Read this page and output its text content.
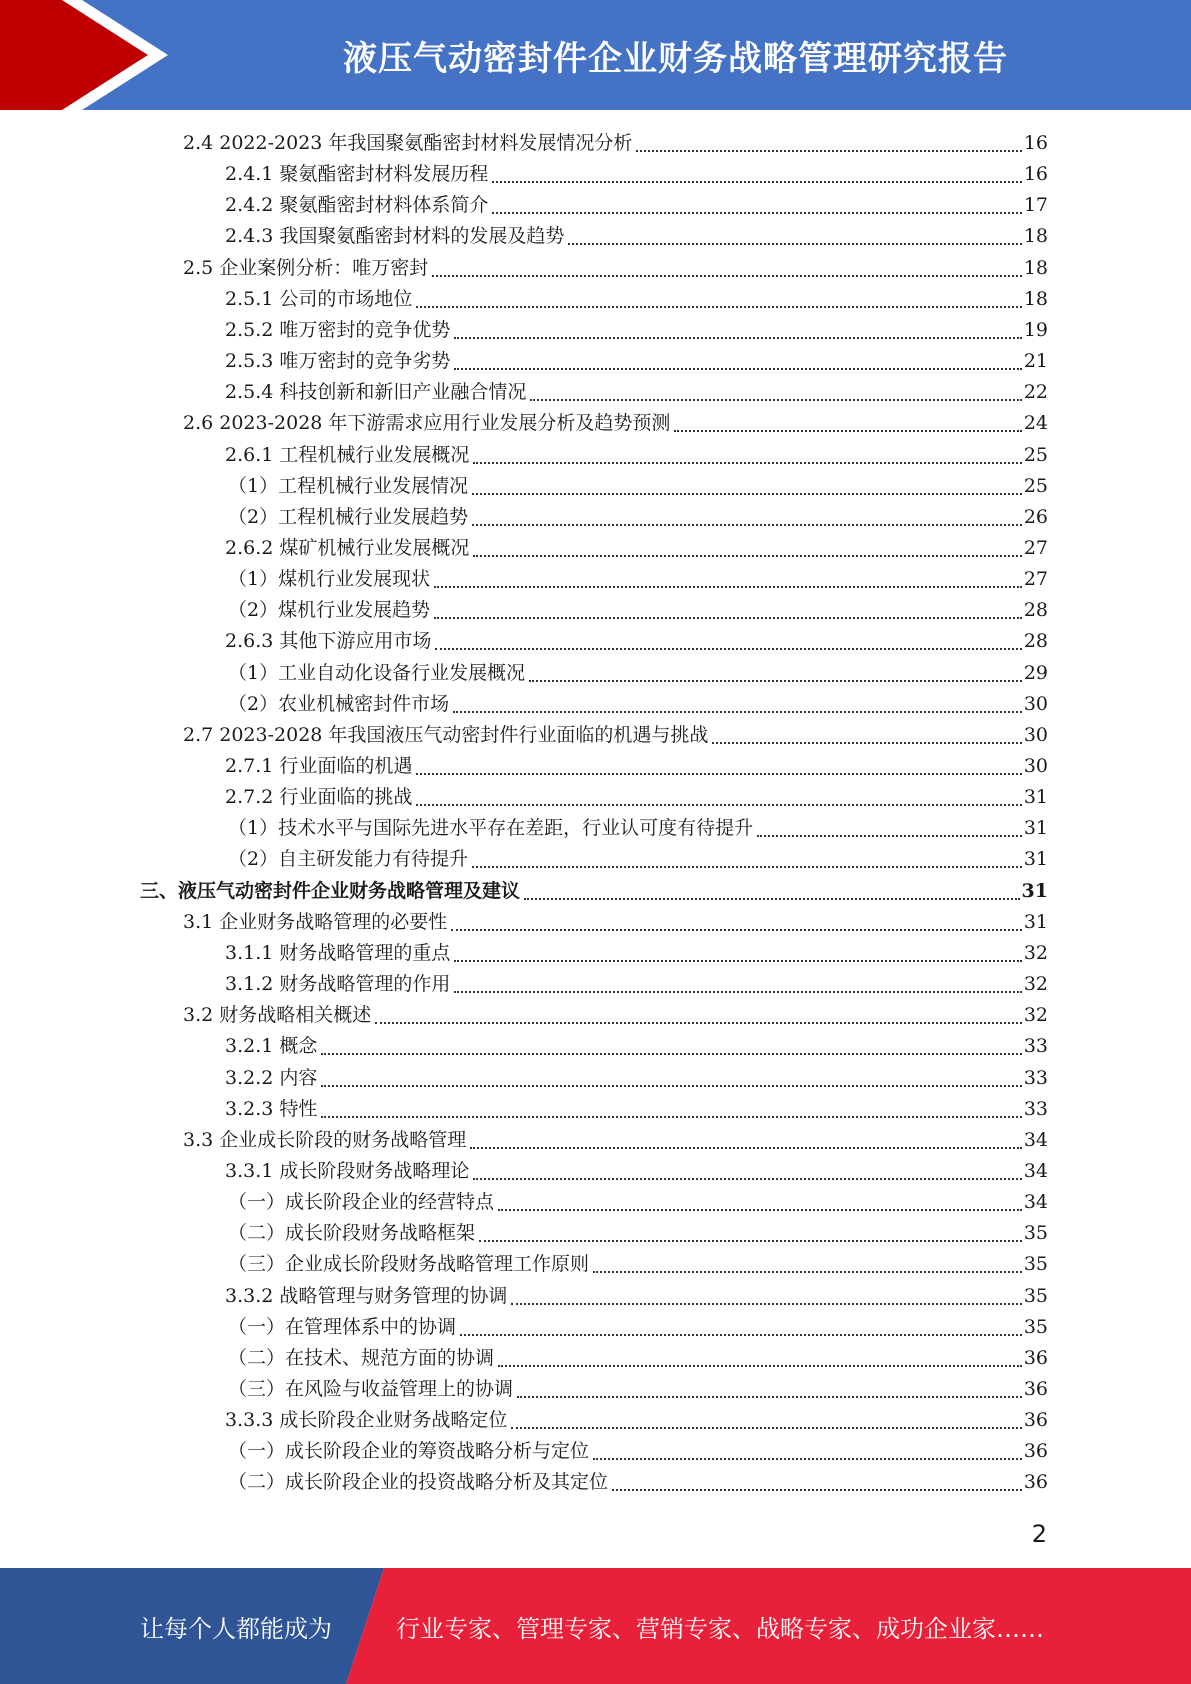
液压气动密封件企业财务战略管理研究报告
2.4 2022-2023 年我国聚氨酯密封材料发展情况分析	16
2.4.1 聚氨酯密封材料发展历程	16
2.4.2 聚氨酯密封材料体系简介	17
2.4.3 我国聚氨酯密封材料的发展及趋势	18
2.5 企业案例分析：唯万密封	18
2.5.1 公司的市场地位	18
2.5.2 唯万密封的竞争优势	19
2.5.3 唯万密封的竞争劣势	21
2.5.4 科技创新和新旧产业融合情况	22
2.6 2023-2028 年下游需求应用行业发展分析及趋势预测	24
2.6.1 工程机械行业发展概况	25
（1）工程机械行业发展情况	25
（2）工程机械行业发展趋势	26
2.6.2 煤矿机械行业发展概况	27
（1）煤机行业发展现状	27
（2）煤机行业发展趋势	28
2.6.3 其他下游应用市场	28
（1）工业自动化设备行业发展概况	29
（2）农业机械密封件市场	30
2.7 2023-2028 年我国液压气动密封件行业面临的机遇与挑战	30
2.7.1 行业面临的机遇	30
2.7.2 行业面临的挑战	31
（1）技术水平与国际先进水平存在差距，行业认可度有待提升	31
（2）自主研发能力有待提升	31
三、液压气动密封件企业财务战略管理及建议	31
3.1 企业财务战略管理的必要性	31
3.1.1 财务战略管理的重点	32
3.1.2 财务战略管理的作用	32
3.2 财务战略相关概述	32
3.2.1 概念	33
3.2.2 内容	33
3.2.3 特性	33
3.3 企业成长阶段的财务战略管理	34
3.3.1 成长阶段财务战略理论	34
（一）成长阶段企业的经营特点	34
（二）成长阶段财务战略框架	35
（三）企业成长阶段财务战略管理工作原则	35
3.3.2 战略管理与财务管理的协调	35
（一）在管理体系中的协调	35
（二）在技术、规范方面的协调	36
（三）在风险与收益管理上的协调	36
3.3.3 成长阶段企业财务战略定位	36
（一）成长阶段企业的筹资战略分析与定位	36
（二）成长阶段企业的投资战略分析及其定位	36
2
让每个人都能成为	行业专家、管理专家、营销专家、战略专家、成功企业家……
